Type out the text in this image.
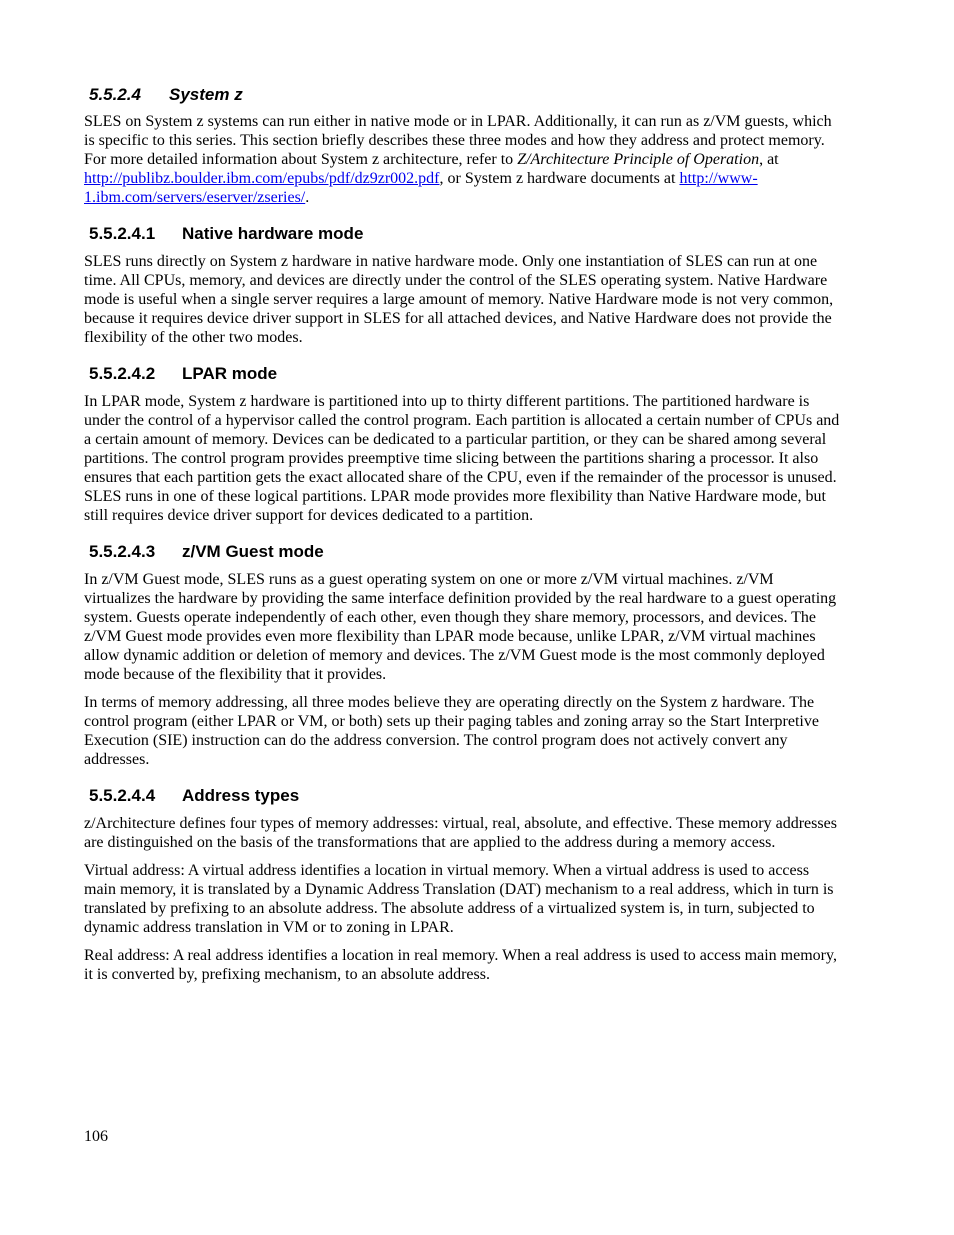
5.5.2.4 System z

SLES on System z systems can run either in native mode or in LPAR. Additionally, it can run as z/VM guests, which is specific to this series. This section briefly describes these three modes and how they address and protect memory. For more detailed information about System z architecture, refer to Z/Architecture Principle of Operation, at http://publibz.boulder.ibm.com/epubs/pdf/dz9zr002.pdf, or System z hardware documents at http://www-1.ibm.com/servers/eserver/zseries/.

5.5.2.4.1 Native hardware mode

SLES runs directly on System z hardware in native hardware mode. Only one instantiation of SLES can run at one time. All CPUs, memory, and devices are directly under the control of the SLES operating system. Native Hardware mode is useful when a single server requires a large amount of memory. Native Hardware mode is not very common, because it requires device driver support in SLES for all attached devices, and Native Hardware does not provide the flexibility of the other two modes.

5.5.2.4.2 LPAR mode

In LPAR mode, System z hardware is partitioned into up to thirty different partitions. The partitioned hardware is under the control of a hypervisor called the control program. Each partition is allocated a certain number of CPUs and a certain amount of memory. Devices can be dedicated to a particular partition, or they can be shared among several partitions. The control program provides preemptive time slicing between the partitions sharing a processor. It also ensures that each partition gets the exact allocated share of the CPU, even if the remainder of the processor is unused. SLES runs in one of these logical partitions. LPAR mode provides more flexibility than Native Hardware mode, but still requires device driver support for devices dedicated to a partition.

5.5.2.4.3 z/VM Guest mode

In z/VM Guest mode, SLES runs as a guest operating system on one or more z/VM virtual machines. z/VM virtualizes the hardware by providing the same interface definition provided by the real hardware to a guest operating system. Guests operate independently of each other, even though they share memory, processors, and devices. The z/VM Guest mode provides even more flexibility than LPAR mode because, unlike LPAR, z/VM virtual machines allow dynamic addition or deletion of memory and devices. The z/VM Guest mode is the most commonly deployed mode because of the flexibility that it provides.

In terms of memory addressing, all three modes believe they are operating directly on the System z hardware. The control program (either LPAR or VM, or both) sets up their paging tables and zoning array so the Start Interpretive Execution (SIE) instruction can do the address conversion. The control program does not actively convert any addresses.

5.5.2.4.4 Address types

z/Architecture defines four types of memory addresses: virtual, real, absolute, and effective. These memory addresses are distinguished on the basis of the transformations that are applied to the address during a memory access.

Virtual address: A virtual address identifies a location in virtual memory. When a virtual address is used to access main memory, it is translated by a Dynamic Address Translation (DAT) mechanism to a real address, which in turn is translated by prefixing to an absolute address. The absolute address of a virtualized system is, in turn, subjected to dynamic address translation in VM or to zoning in LPAR.

Real address: A real address identifies a location in real memory. When a real address is used to access main memory, it is converted by, prefixing mechanism, to an absolute address.

106
